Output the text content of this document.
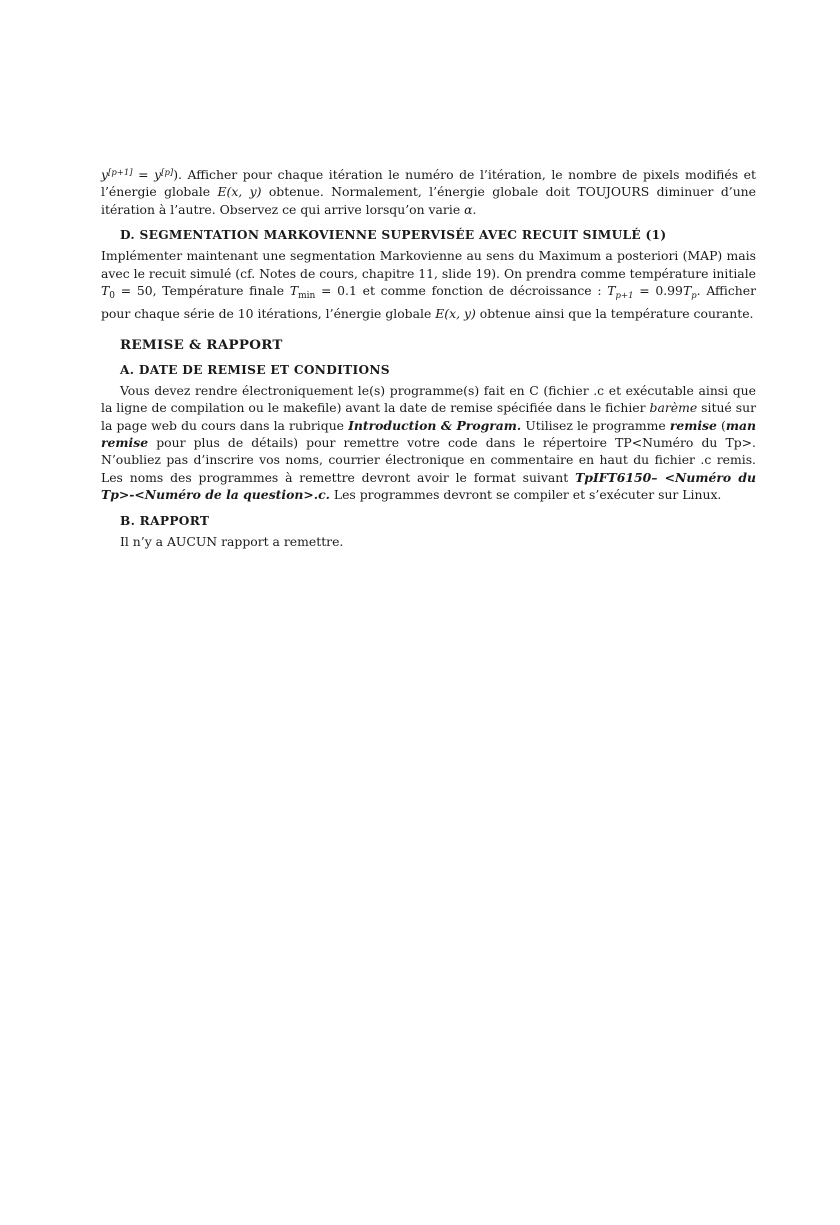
y[p+1] = y[p]). Afficher pour chaque itération le numéro de l’itération, le nombre de pixels modifiés et l’énergie globale E(x, y) obtenue. Normalement, l’énergie globale doit TOUJOURS diminuer d’une itération à l’autre. Observez ce qui arrive lorsqu’on varie α.

D. SEGMENTATION MARKOVIENNE SUPERVISÉE AVEC RECUIT SIMULÉ (1)

Implémenter maintenant une segmentation Markovienne au sens du Maximum a posteriori (MAP) mais avec le recuit simulé (cf. Notes de cours, chapitre 11, slide 19). On prendra comme température initiale $T_0 = 50$, Température finale $T_{min} = 0.1$ et comme fonction de décroissance : $T_{p+1} = 0.99T_p$. Afficher pour chaque série de 10 itérations, l’énergie globale E(x, y) obtenue ainsi que la température courante.

REMISE & RAPPORT
A. DATE DE REMISE ET CONDITIONS

Vous devez rendre électroniquement le(s) programme(s) fait en C (fichier .c et exécutable ainsi que la ligne de compilation ou le makefile) avant la date de remise spécifiée dans le fichier barème situé sur la page web du cours dans la rubrique Introduction & Program. Utilisez le programme remise (man remise pour plus de détails) pour remettre votre code dans le répertoire TP<Numéro du Tp>. N’oubliez pas d’inscrire vos noms, courrier électronique en commentaire en haut du fichier .c remis. Les noms des programmes à remettre devront avoir le format suivant TpIFT6150– <Numéro du Tp>-<Numéro de la question>.c. Les programmes devront se compiler et s’exécuter sur Linux.

B. RAPPORT

Il n’y a AUCUN rapport a remettre.
